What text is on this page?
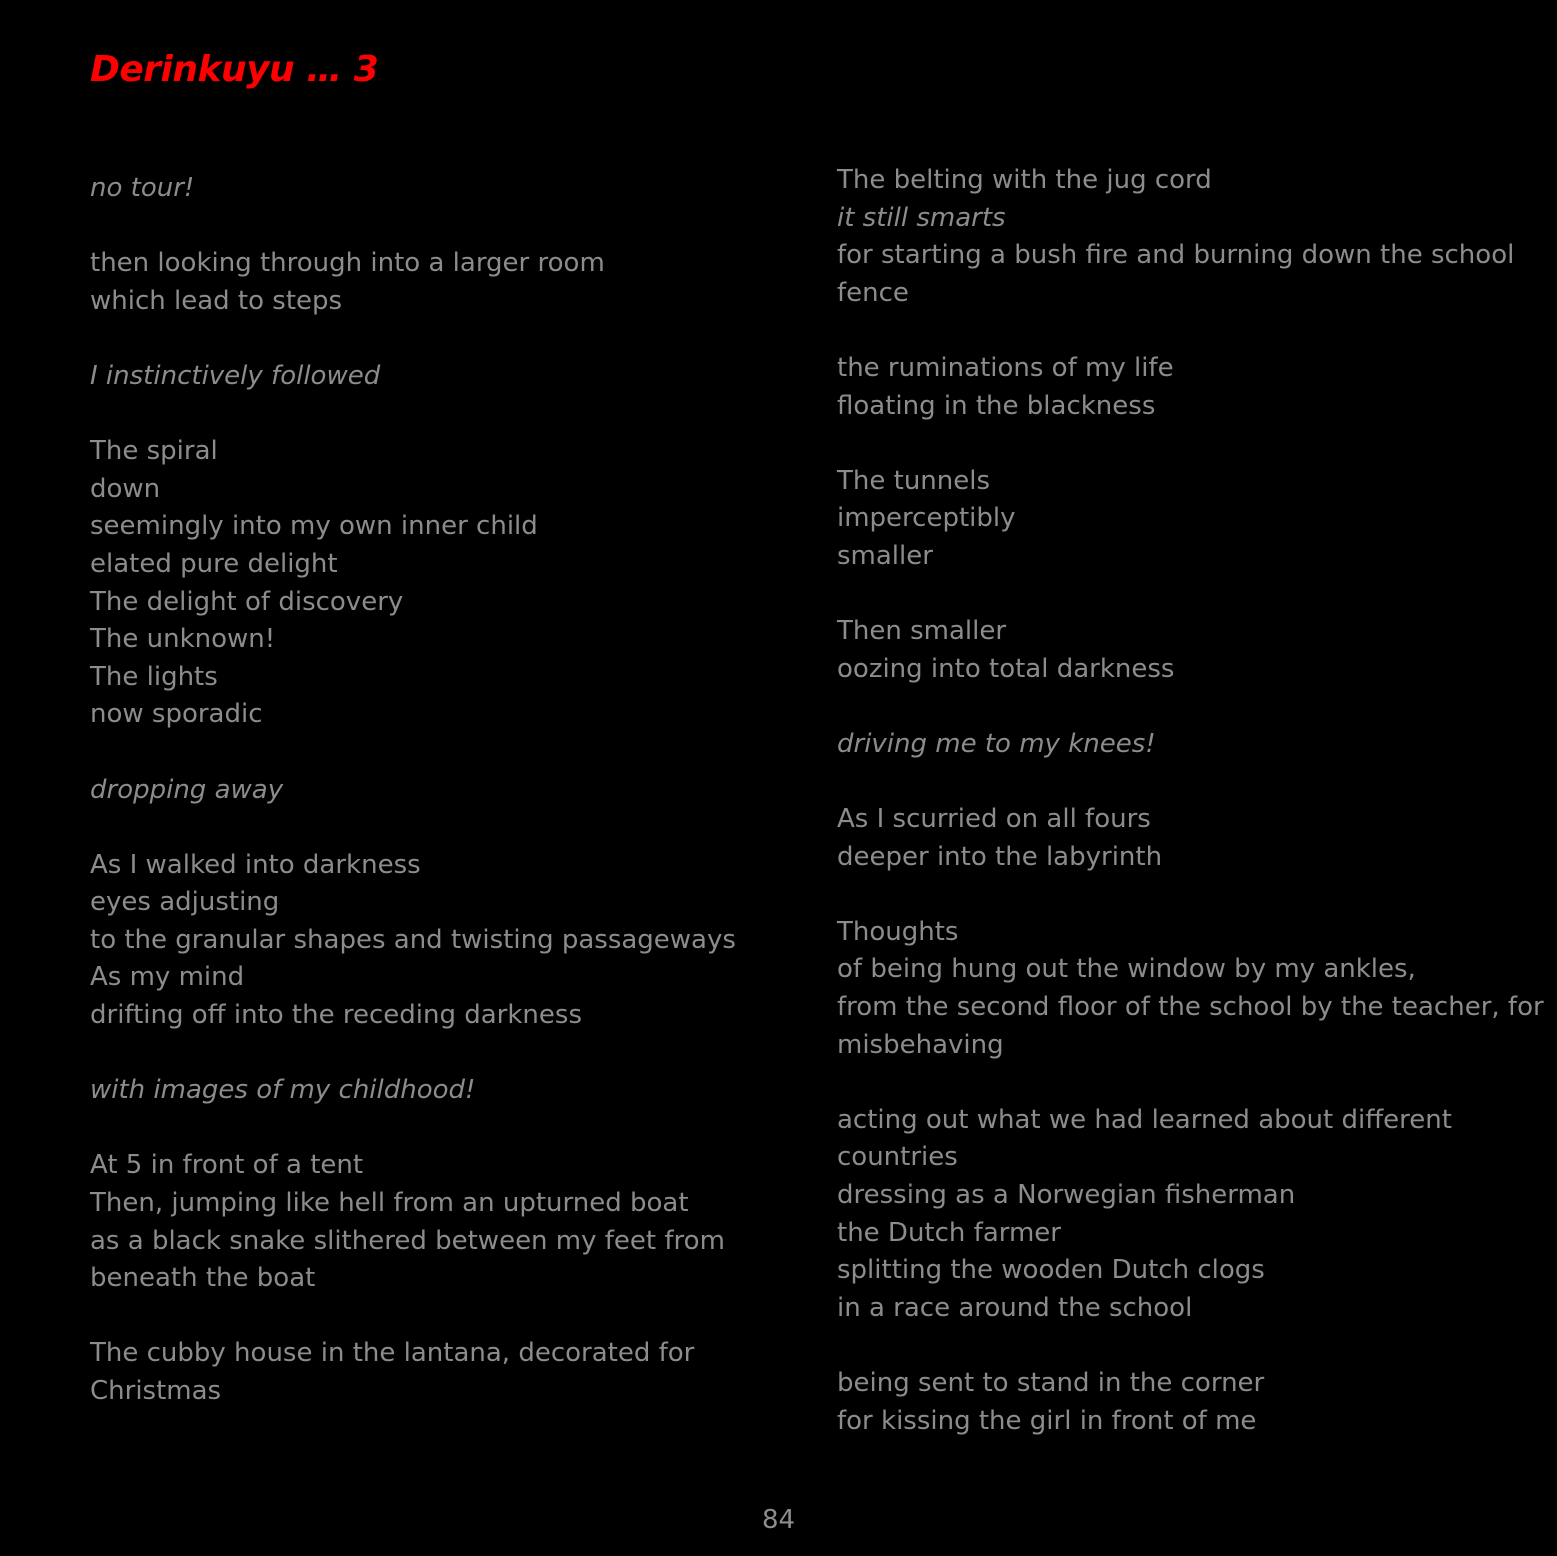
Derinkuyu … 3
no tour!
then looking through into a larger room
which lead to steps
I instinctively followed
The spiral
down
seemingly into my own inner child
elated pure delight
The delight of discovery
The unknown!
The lights
now sporadic
dropping away
As I walked into darkness
eyes adjusting
to the granular shapes and twisting passageways
As my mind
drifting off into the receding darkness
with images of my childhood!
At 5 in front of a tent
Then, jumping like hell from an upturned boat
as a black snake slithered between my feet from
beneath the boat
The cubby house in the lantana, decorated for
Christmas
The belting with the jug cord
it still smarts
for starting a bush fire and burning down the school
fence
the ruminations of my life
floating in the blackness
The tunnels
imperceptibly
smaller
Then smaller
oozing into total darkness
driving me to my knees!
As I scurried on all fours
deeper into the labyrinth
Thoughts
of being hung out the window by my ankles,
from the second floor of the school by the teacher, for
misbehaving
acting out what we had learned about different
countries
dressing as a Norwegian fisherman
the Dutch farmer
splitting the wooden Dutch clogs
in a race around the school
being sent to stand in the corner
for kissing the girl in front of me
84
